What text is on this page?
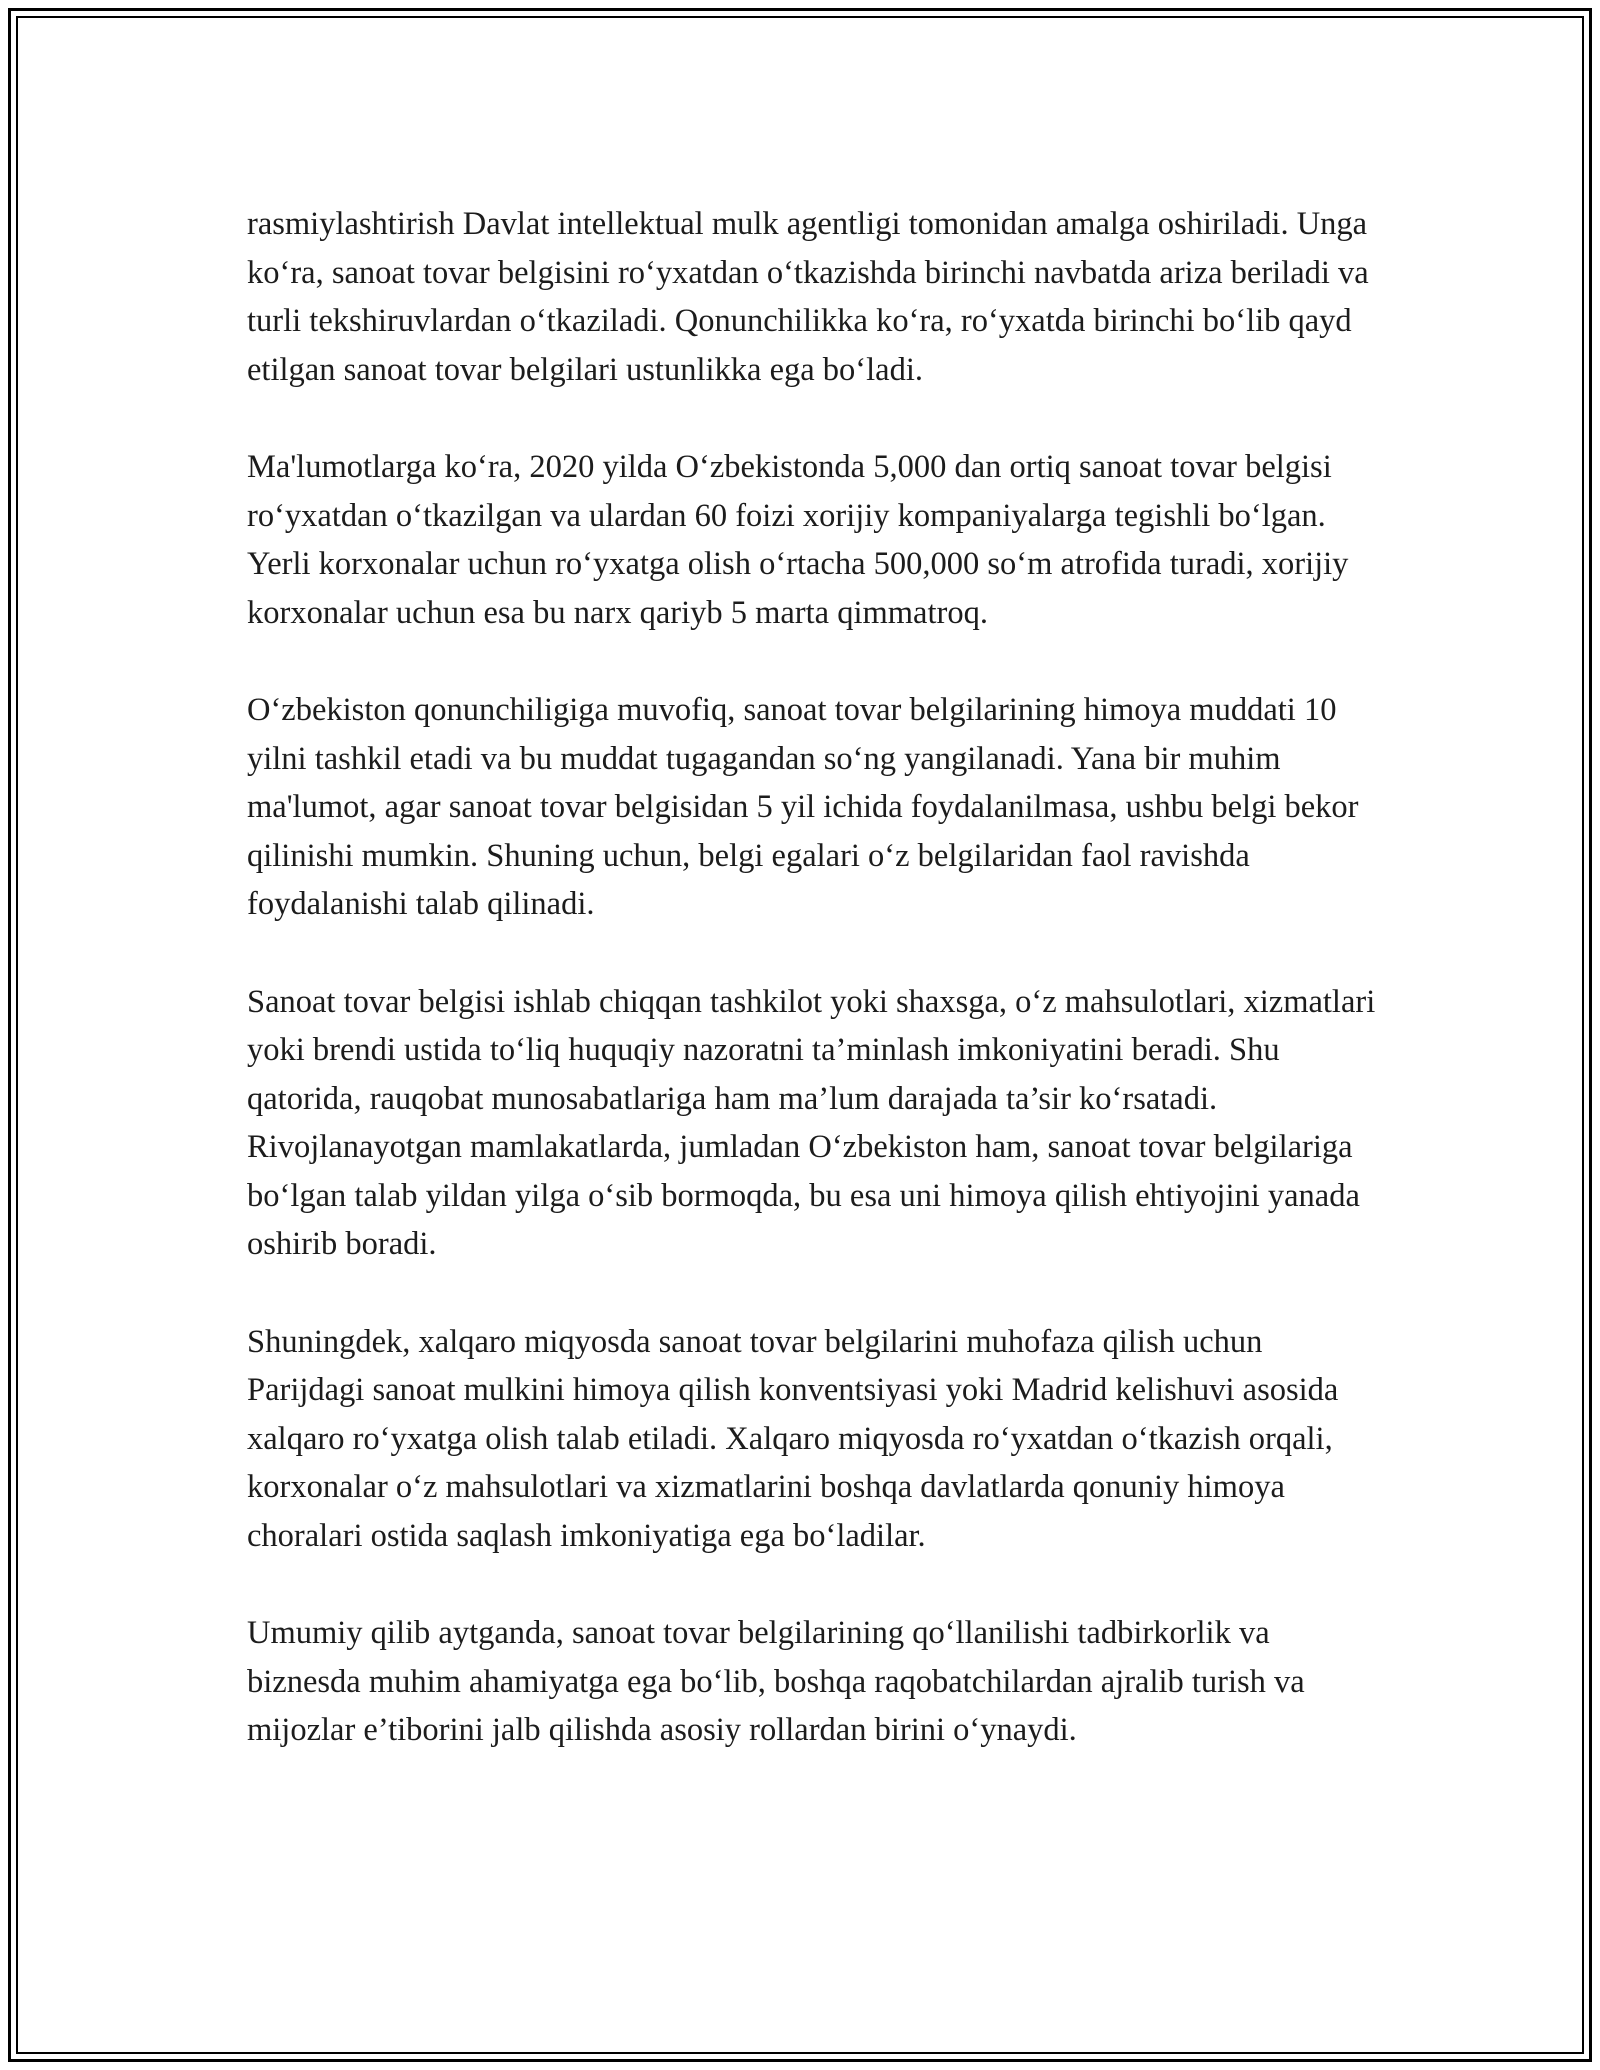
rasmiylashtirish Davlat intellektual mulk agentligi tomonidan amalga oshiriladi. Unga ko‘ra, sanoat tovar belgisini ro‘yxatdan o‘tkazishda birinchi navbatda ariza beriladi va turli tekshiruvlardan o‘tkaziladi. Qonunchilikka ko‘ra, ro‘yxatda birinchi bo‘lib qayd etilgan sanoat tovar belgilari ustunlikka ega bo‘ladi.

Ma'lumotlarga ko‘ra, 2020 yilda O‘zbekistonda 5,000 dan ortiq sanoat tovar belgisi ro‘yxatdan o‘tkazilgan va ulardan 60 foizi xorijiy kompaniyalarga tegishli bo‘lgan. Yerli korxonalar uchun ro‘yxatga olish o‘rtacha 500,000 so‘m atrofida turadi, xorijiy korxonalar uchun esa bu narx qariyb 5 marta qimmatroq.

O‘zbekiston qonunchiligiga muvofiq, sanoat tovar belgilarining himoya muddati 10 yilni tashkil etadi va bu muddat tugagandan so‘ng yangilanadi. Yana bir muhim ma'lumot, agar sanoat tovar belgisidan 5 yil ichida foydalanilmasa, ushbu belgi bekor qilinishi mumkin. Shuning uchun, belgi egalari o‘z belgilaridan faol ravishda foydalanishi talab qilinadi.

Sanoat tovar belgisi ishlab chiqqan tashkilot yoki shaxsga, o‘z mahsulotlari, xizmatlari yoki brendi ustida to‘liq huquqiy nazoratni ta’minlash imkoniyatini beradi. Shu qatorida, rauqobat munosabatlariga ham ma’lum darajada ta’sir ko‘rsatadi. Rivojlanayotgan mamlakatlarda, jumladan O‘zbekiston ham, sanoat tovar belgilariga bo‘lgan talab yildan yilga o‘sib bormoqda, bu esa uni himoya qilish ehtiyojini yanada oshirib boradi.

Shuningdek, xalqaro miqyosda sanoat tovar belgilarini muhofaza qilish uchun Parijdagi sanoat mulkini himoya qilish konventsiyasi yoki Madrid kelishuvi asosida xalqaro ro‘yxatga olish talab etiladi. Xalqaro miqyosda ro‘yxatdan o‘tkazish orqali, korxonalar o‘z mahsulotlari va xizmatlarini boshqa davlatlarda qonuniy himoya choralari ostida saqlash imkoniyatiga ega bo‘ladilar.

Umumiy qilib aytganda, sanoat tovar belgilarining qo‘llanilishi tadbirkorlik va biznesda muhim ahamiyatga ega bo‘lib, boshqa raqobatchilardan ajralib turish va mijozlar e’tiborini jalb qilishda asosiy rollardan birini o‘ynaydi.
